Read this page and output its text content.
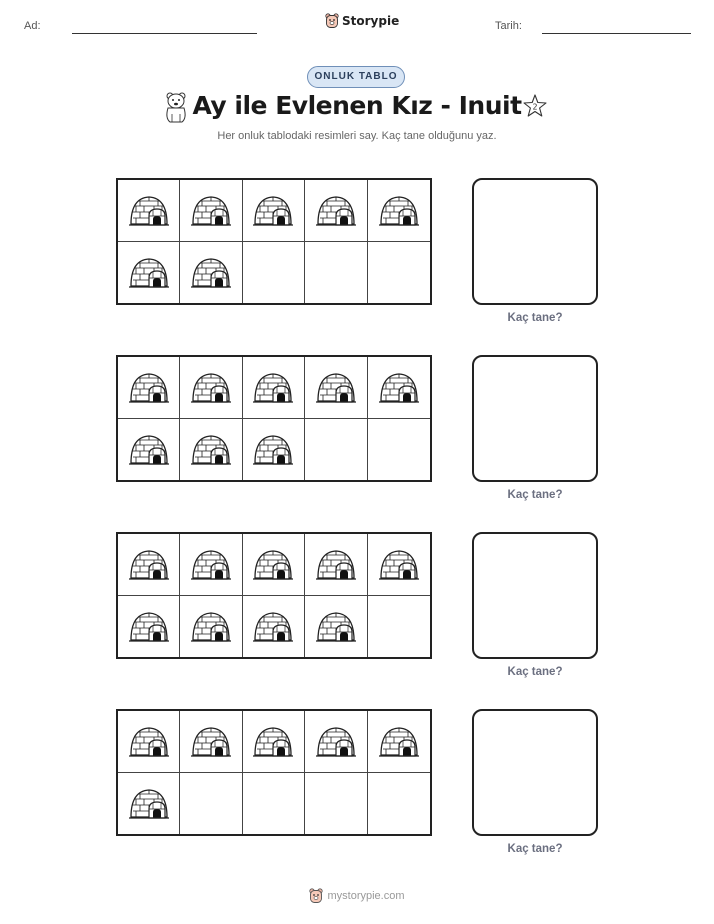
Ad:	Storypie	Tarih:
ONLUK TABLO
Ay ile Evlenen Kız - Inuit	2
Her onluk tablodaki resimleri say. Kaç tane olduğunu yaz.
Kaç tane?
Kaç tane?
Kaç tane?
Kaç tane?
mystorypie.com
